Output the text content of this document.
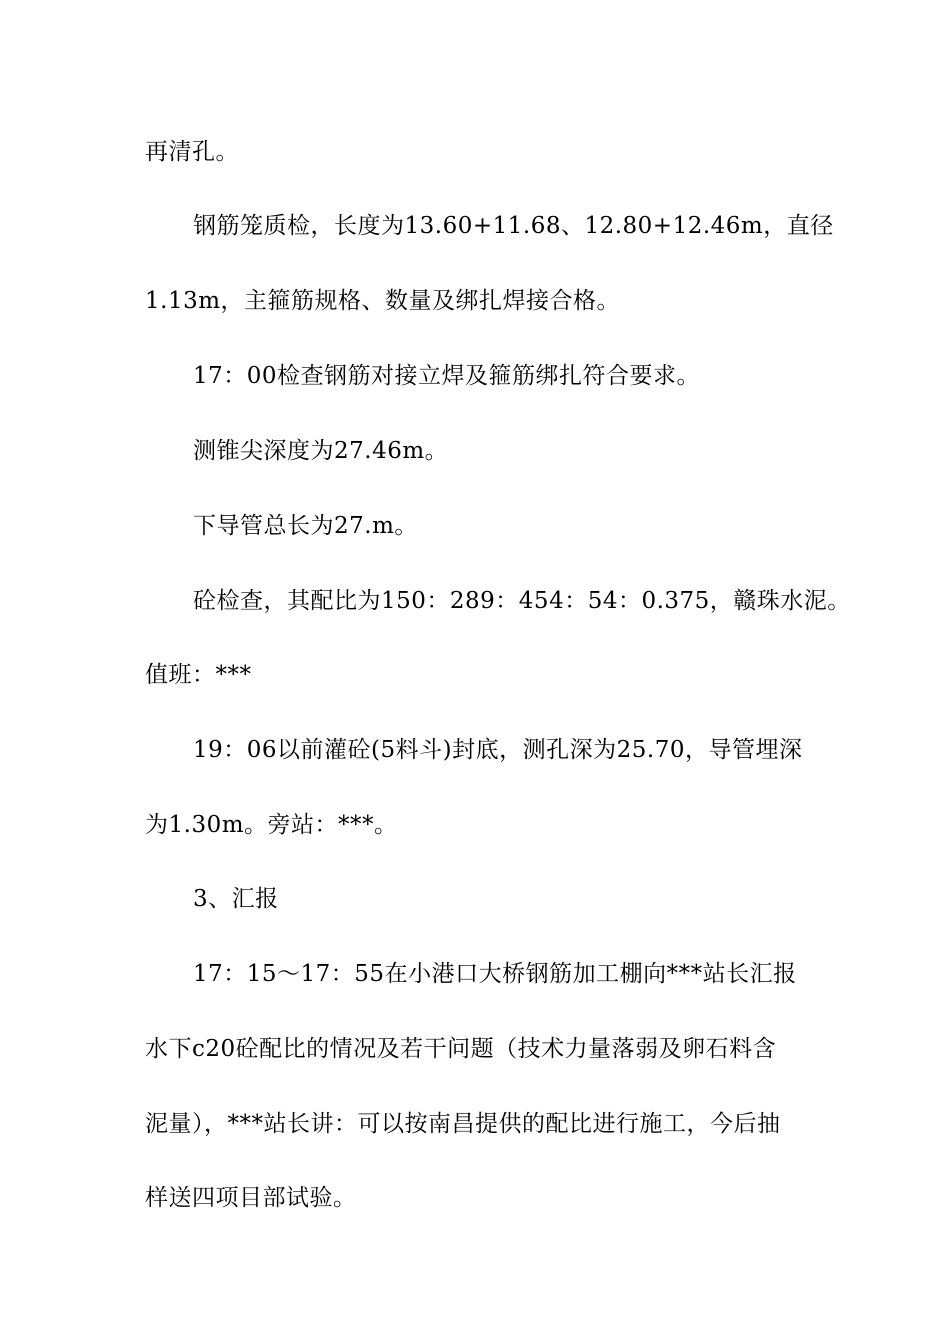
再清孔。
钢筋笼质检，长度为13.60+11.68、12.80+12.46m，直径
1.13m，主箍筋规格、数量及绑扎焊接合格。
17：00检查钢筋对接立焊及箍筋绑扎符合要求。
测锥尖深度为27.46m。
下导管总长为27.m。
砼检查，其配比为150：289：454：54：0.375，赣珠水泥。
值班：***
19：06以前灌砼(5料斗)封底，测孔深为25.70，导管埋深
为1.30m。旁站：***。
3、汇报
17：15～17：55在小港口大桥钢筋加工棚向***站长汇报
水下c20砼配比的情况及若干问题（技术力量落弱及卵石料含
泥量），***站长讲：可以按南昌提供的配比进行施工，今后抽
样送四项目部试验。
